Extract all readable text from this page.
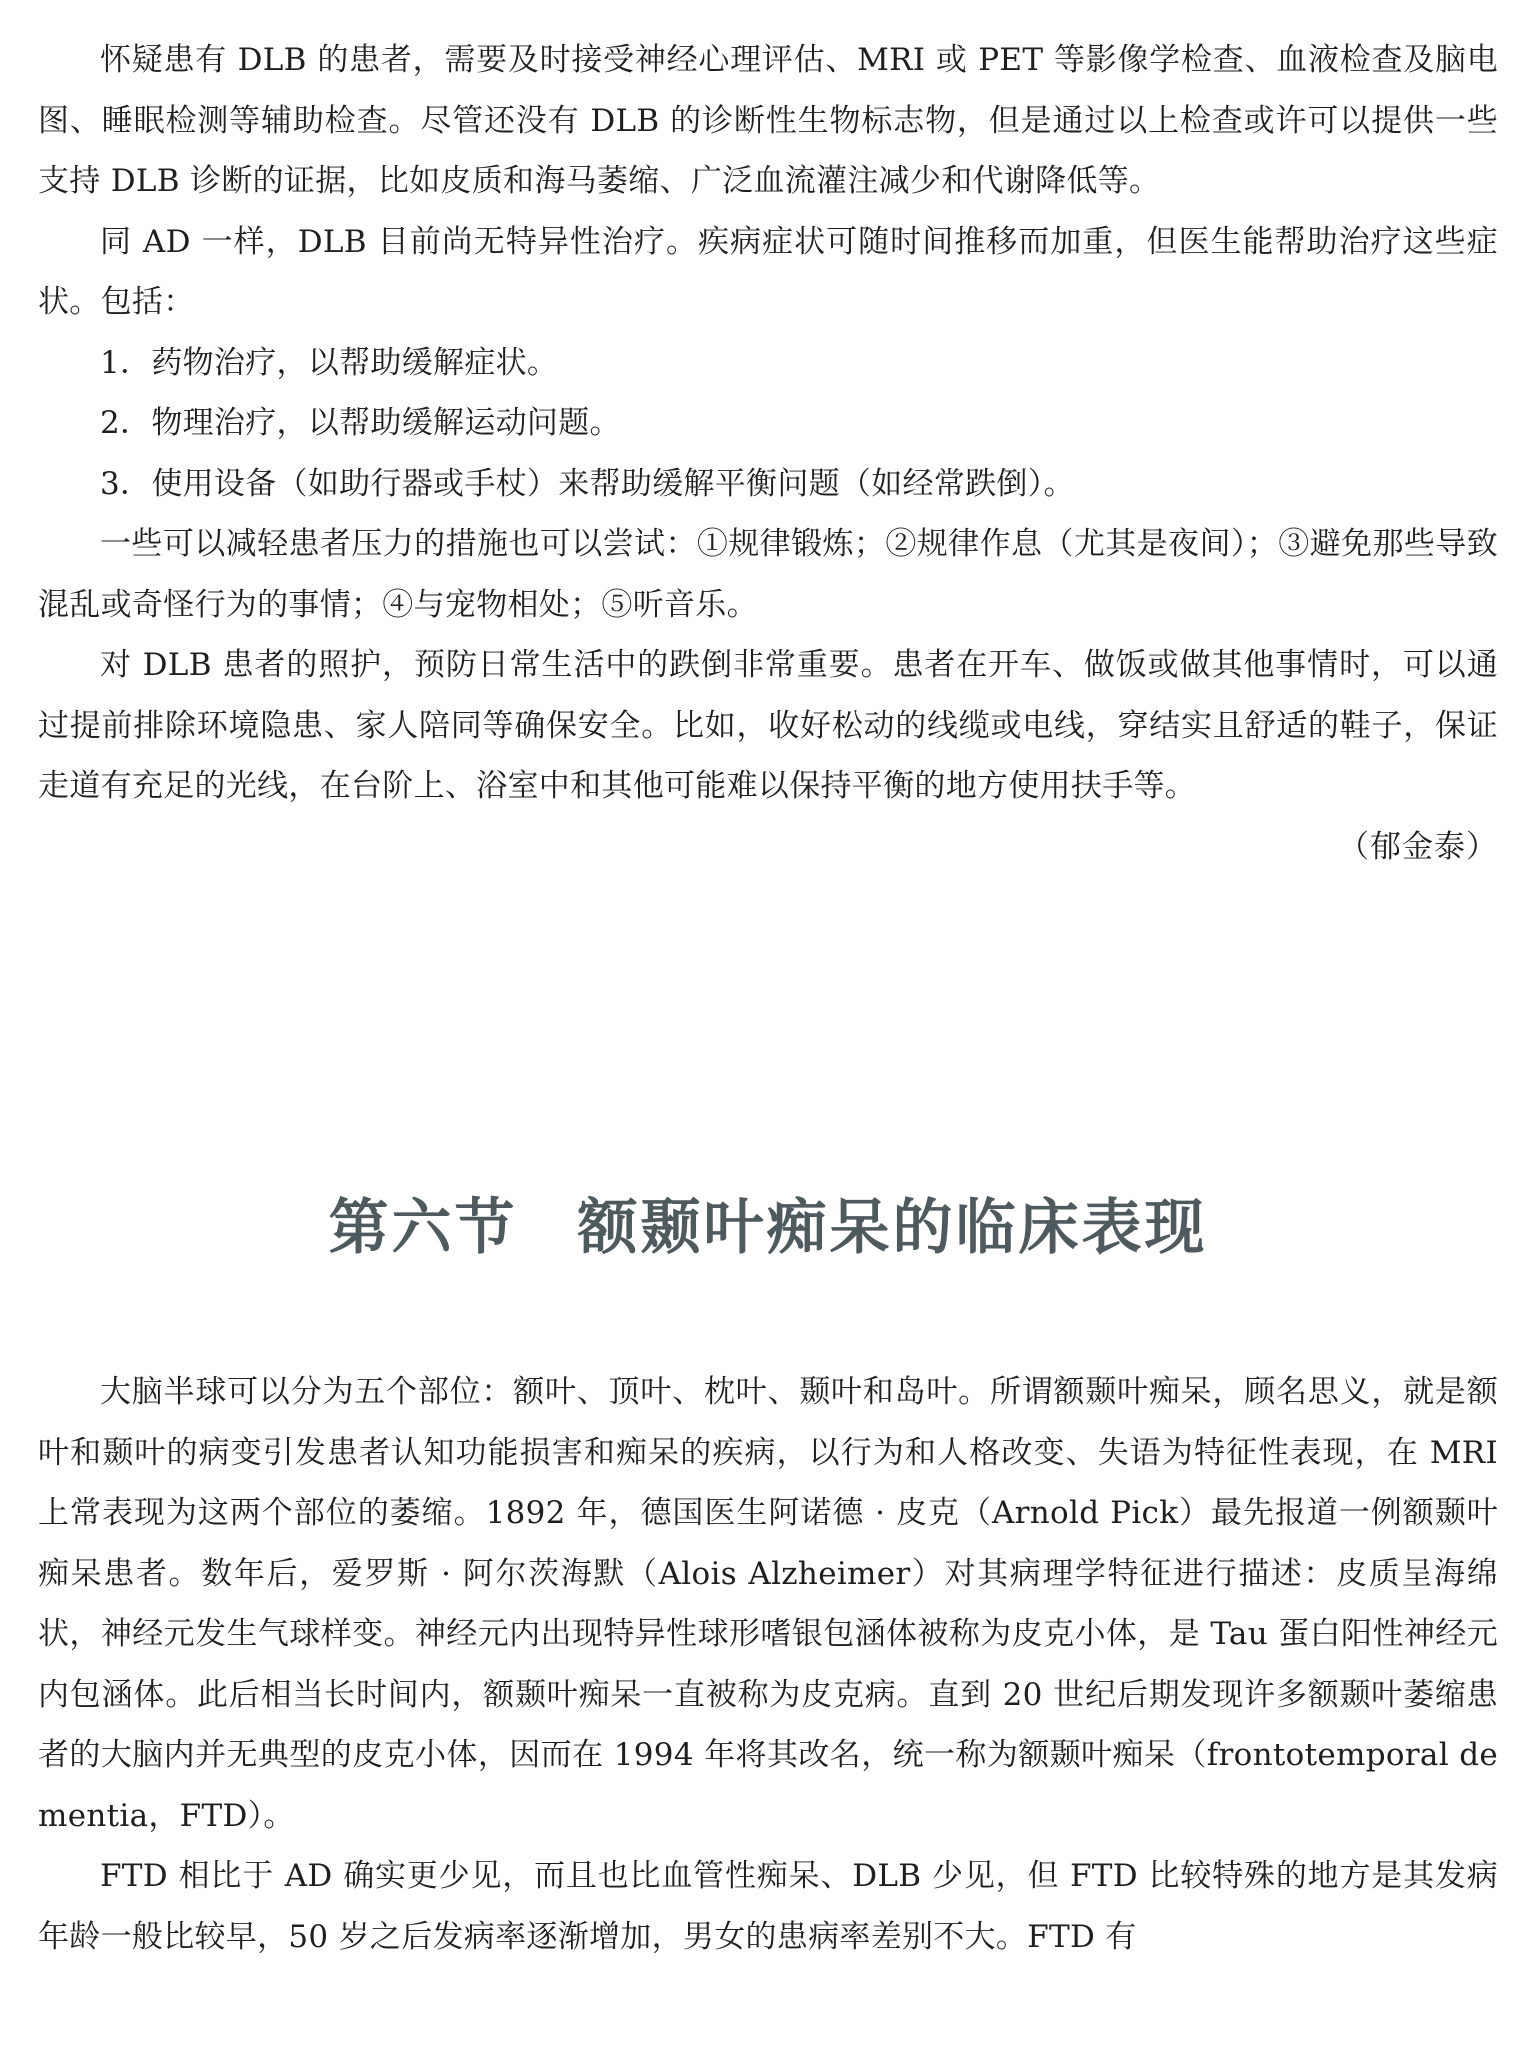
怀疑患有 DLB 的患者，需要及时接受神经心理评估、MRI 或 PET 等影像学检查、血液检查及脑电图、睡眠检测等辅助检查。尽管还没有 DLB 的诊断性生物标志物，但是通过以上检查或许可以提供一些支持 DLB 诊断的证据，比如皮质和海马萎缩、广泛血流灌注减少和代谢降低等。

同 AD 一样，DLB 目前尚无特异性治疗。疾病症状可随时间推移而加重，但医生能帮助治疗这些症状。包括：

1．药物治疗，以帮助缓解症状。

2．物理治疗，以帮助缓解运动问题。

3．使用设备（如助行器或手杖）来帮助缓解平衡问题（如经常跌倒）。

一些可以减轻患者压力的措施也可以尝试：①规律锻炼；②规律作息（尤其是夜间）；③避免那些导致混乱或奇怪行为的事情；④与宠物相处；⑤听音乐。

对 DLB 患者的照护，预防日常生活中的跌倒非常重要。患者在开车、做饭或做其他事情时，可以通过提前排除环境隐患、家人陪同等确保安全。比如，收好松动的线缆或电线，穿结实且舒适的鞋子，保证走道有充足的光线，在台阶上、浴室中和其他可能难以保持平衡的地方使用扶手等。

（郁金泰）

第六节 额颞叶痴呆的临床表现

大脑半球可以分为五个部位：额叶、顶叶、枕叶、颞叶和岛叶。所谓额颞叶痴呆，顾名思义，就是额叶和颞叶的病变引发患者认知功能损害和痴呆的疾病，以行为和人格改变、失语为特征性表现，在 MRI 上常表现为这两个部位的萎缩。1892 年，德国医生阿诺德 · 皮克（Arnold Pick）最先报道一例额颞叶痴呆患者。数年后，爱罗斯 · 阿尔茨海默（Alois Alzheimer）对其病理学特征进行描述：皮质呈海绵状，神经元发生气球样变。神经元内出现特异性球形嗜银包涵体被称为皮克小体，是 Tau 蛋白阳性神经元内包涵体。此后相当长时间内，额颞叶痴呆一直被称为皮克病。直到 20 世纪后期发现许多额颞叶萎缩患者的大脑内并无典型的皮克小体，因而在 1994 年将其改名，统一称为额颞叶痴呆（frontotemporal dementia，FTD）。

FTD 相比于 AD 确实更少见，而且也比血管性痴呆、DLB 少见，但 FTD 比较特殊的地方是其发病年龄一般比较早，50 岁之后发病率逐渐增加，男女的患病率差别不大。FTD 有
